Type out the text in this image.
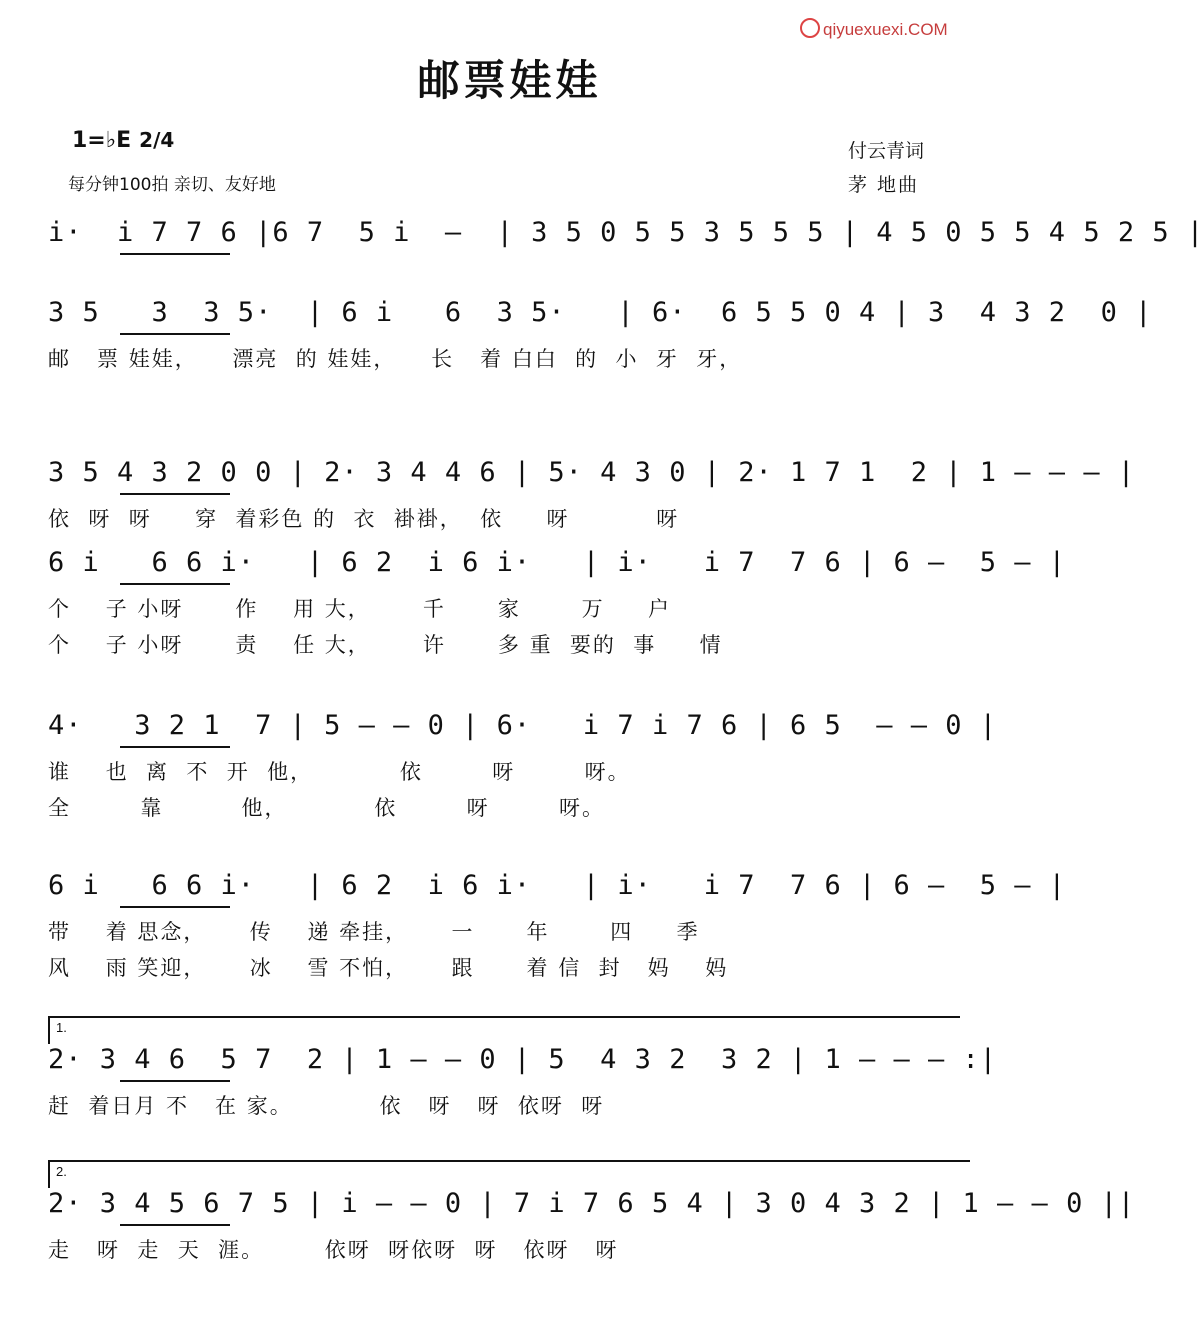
qiyuexuexi.COM
邮票娃娃
1=♭E 2/4
每分钟100拍 亲切、友好地
付云青词
茅 地曲
i·  i 7 7 6 |6 7  5 i  –  | 3 5 0 5 5 3 5 5 5 | 4 5 0 5 5 4 5 2 5 |
3 5   3  3 5·  | 6 i   6  3 5·   | 6·  6 5 5 0 4 | 3  4 3 2  0 |
邮   票 娃娃，    漂亮  的 娃娃，    长   着 白白  的  小  牙  牙，
3 5 4 3 2 0 0 | 2· 3 4 4 6 | 5· 4 3 0 | 2· 1 7 1  2 | 1 – – – |
依  呀  呀     穿  着彩色 的  衣  褂褂，  依     呀          呀
6 i   6 6 i·   | 6 2  i 6 i·   | i·   i 7  7 6 | 6 –  5 – |
个    子 小呀      作    用 大，      千      家       万     户
个    子 小呀      责    任 大，      许      多 重  要的  事     情
4·   3 2 1  7 | 5 – – 0 | 6·   i 7 i 7 6 | 6 5  – – 0 |
谁    也  离  不  开  他，          依        呀        呀。
全        靠         他，          依        呀        呀。
6 i   6 6 i·   | 6 2  i 6 i·   | i·   i 7  7 6 | 6 –  5 – |
带    着 思念，     传    递 牵挂，     一      年       四     季
风    雨 笑迎，     冰    雪 不怕，     跟      着 信  封   妈    妈
1.
2· 3 4 6  5 7  2 | 1 – – 0 | 5  4 3 2  3 2 | 1 – – – :|
赶  着日月 不   在 家。          依   呀   呀  依呀  呀
2.
2· 3 4 5 6 7 5 | i – – 0 | 7 i 7 6 5 4 | 3 0 4 3 2 | 1 – – 0 ||
走   呀  走  天  涯。       依呀  呀依呀  呀   依呀   呀
